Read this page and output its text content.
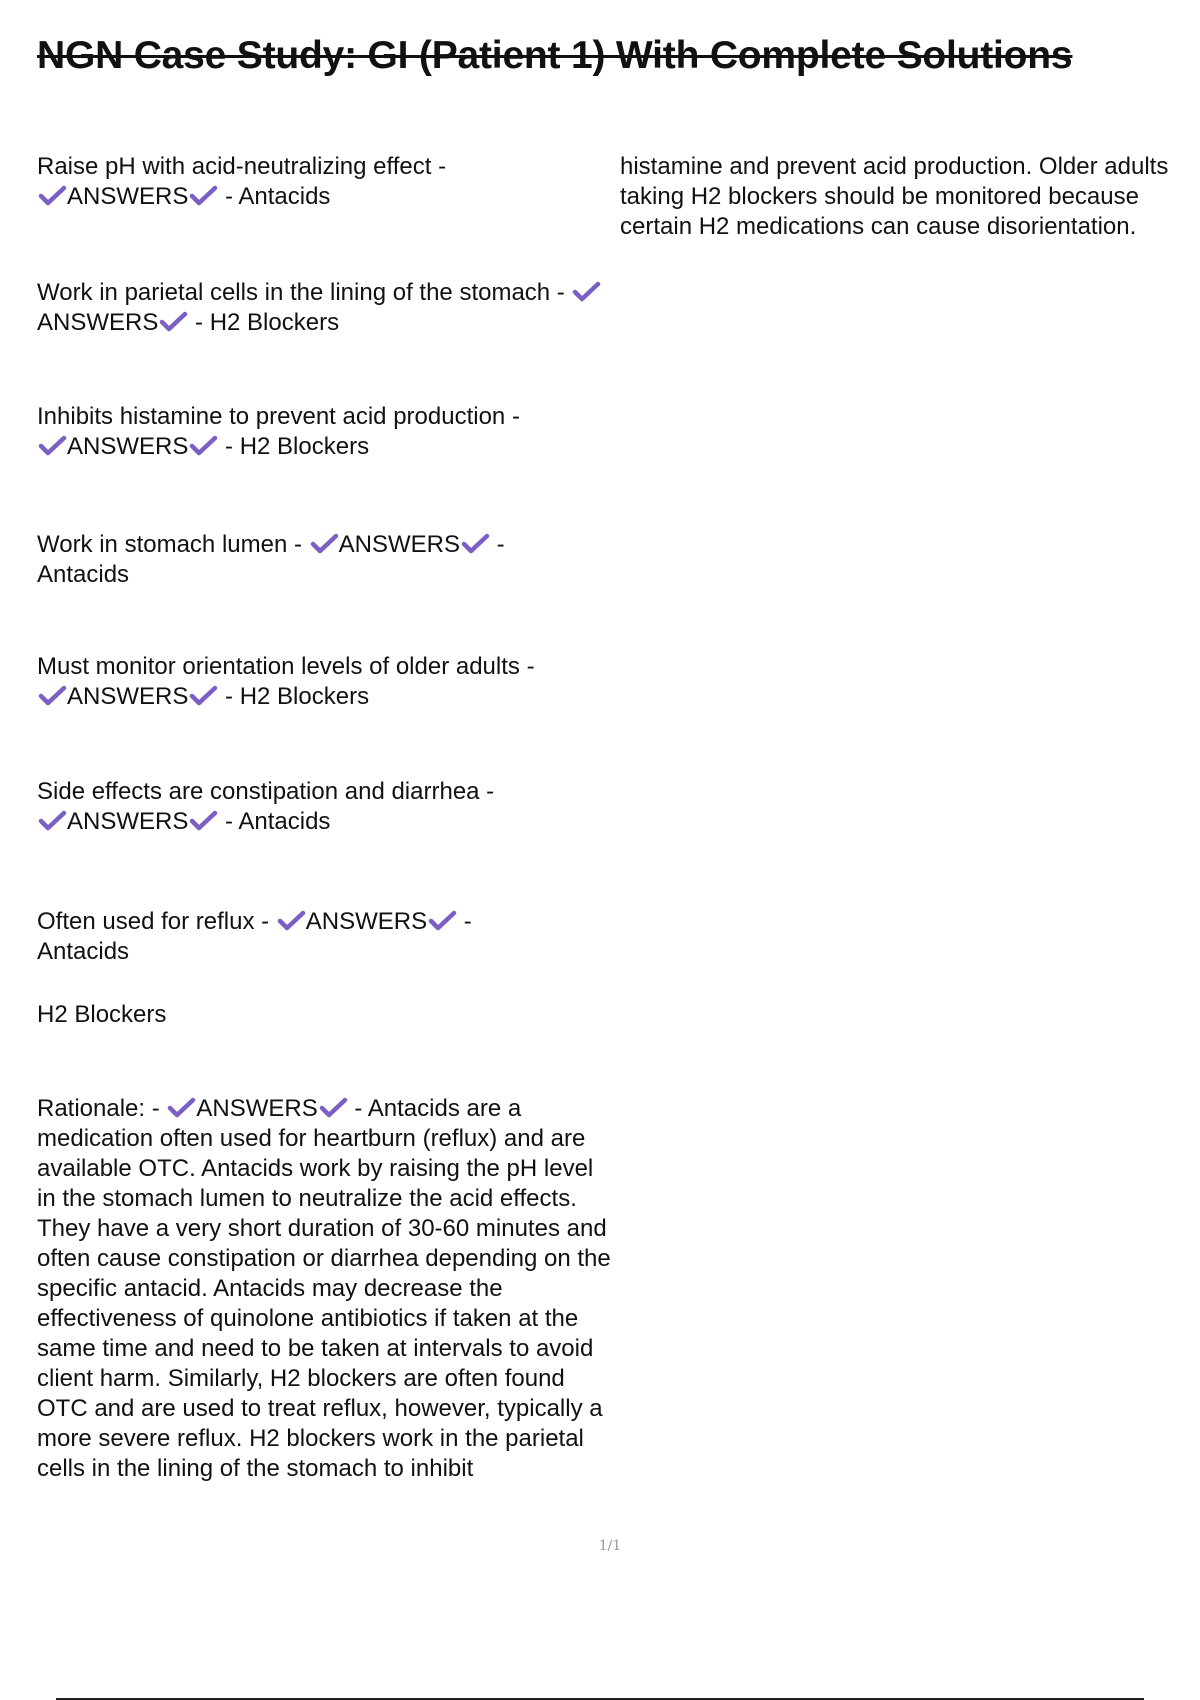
NGN Case Study: GI (Patient 1) With Complete Solutions
Raise pH with acid-neutralizing effect -

ANSWERS
- Antacids
Work in parietal cells in the lining of the stomach -
ANSWERS
- H2 Blockers
Inhibits histamine to prevent acid production -

ANSWERS
- H2 Blockers
Work in stomach lumen - ANSWERS
-
Antacids
Must monitor orientation levels of older adults -

ANSWERS
- H2 Blockers
Side effects are constipation and diarrhea -

ANSWERS
- Antacids
Often used for reflux - ANSWERS
-
Antacids
H2 Blockers
Rationale: - ANSWERS
- Antacids are a medication often used for heartburn (reflux) and are available OTC. Antacids work by raising the pH level in the stomach lumen to neutralize the acid effects. They have a very short duration of 30-60 minutes and often cause constipation or diarrhea depending on the specific antacid. Antacids may decrease the effectiveness of quinolone antibiotics if taken at the same time and need to be taken at intervals to avoid client harm. Similarly, H2 blockers are often found OTC and are used to treat reflux, however, typically a more severe reflux. H2 blockers work in the parietal cells in the lining of the stomach to inhibit
histamine and prevent acid production. Older adults taking H2 blockers should be monitored because certain H2 medications can cause disorientation.
1/1
